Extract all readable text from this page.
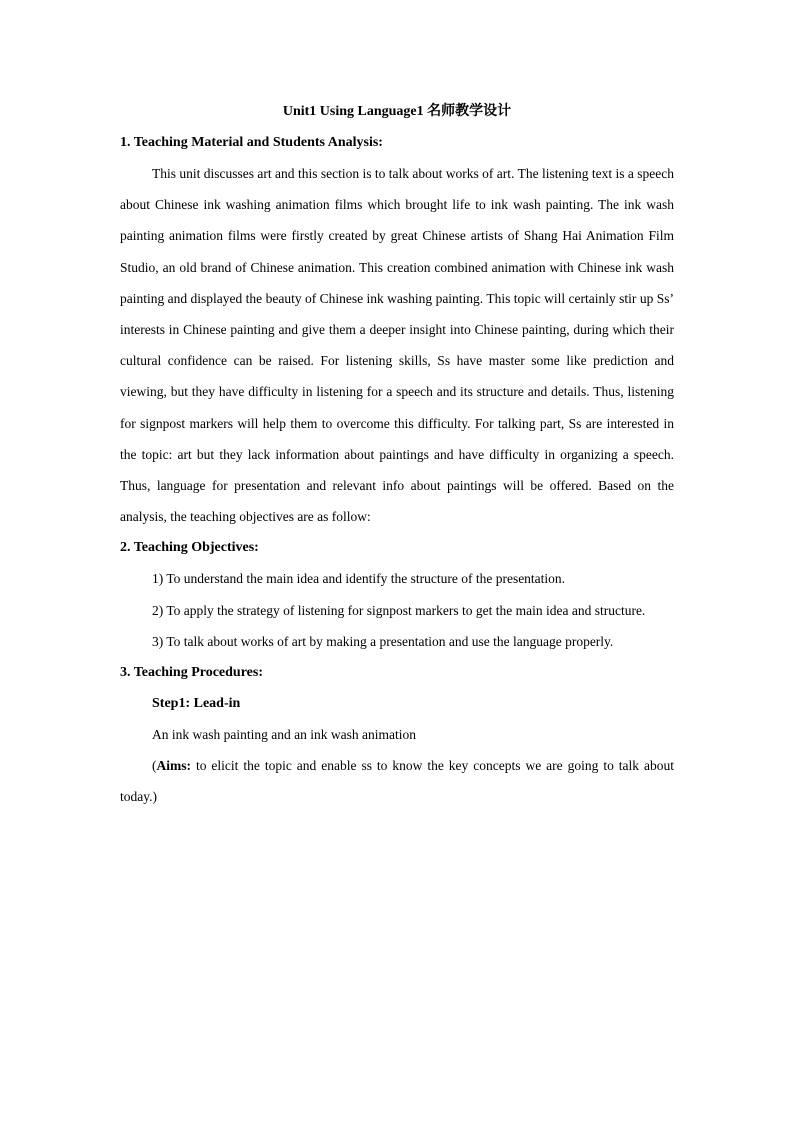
Unit1 Using Language1 名师教学设计

1. Teaching Material and Students Analysis:

This unit discusses art and this section is to talk about works of art. The listening text is a speech about Chinese ink washing animation films which brought life to ink wash painting. The ink wash painting animation films were firstly created by great Chinese artists of Shang Hai Animation Film Studio, an old brand of Chinese animation. This creation combined animation with Chinese ink wash painting and displayed the beauty of Chinese ink washing painting. This topic will certainly stir up Ss’ interests in Chinese painting and give them a deeper insight into Chinese painting, during which their cultural confidence can be raised. For listening skills, Ss have master some like prediction and viewing, but they have difficulty in listening for a speech and its structure and details. Thus, listening for signpost markers will help them to overcome this difficulty. For talking part, Ss are interested in the topic: art but they lack information about paintings and have difficulty in organizing a speech. Thus, language for presentation and relevant info about paintings will be offered. Based on the analysis, the teaching objectives are as follow:

2. Teaching Objectives:

1) To understand the main idea and identify the structure of the presentation.

2) To apply the strategy of listening for signpost markers to get the main idea and structure.

3) To talk about works of art by making a presentation and use the language properly.

3. Teaching Procedures:

Step1: Lead-in

An ink wash painting and an ink wash animation

(Aims: to elicit the topic and enable ss to know the key concepts we are going to talk about today.)
